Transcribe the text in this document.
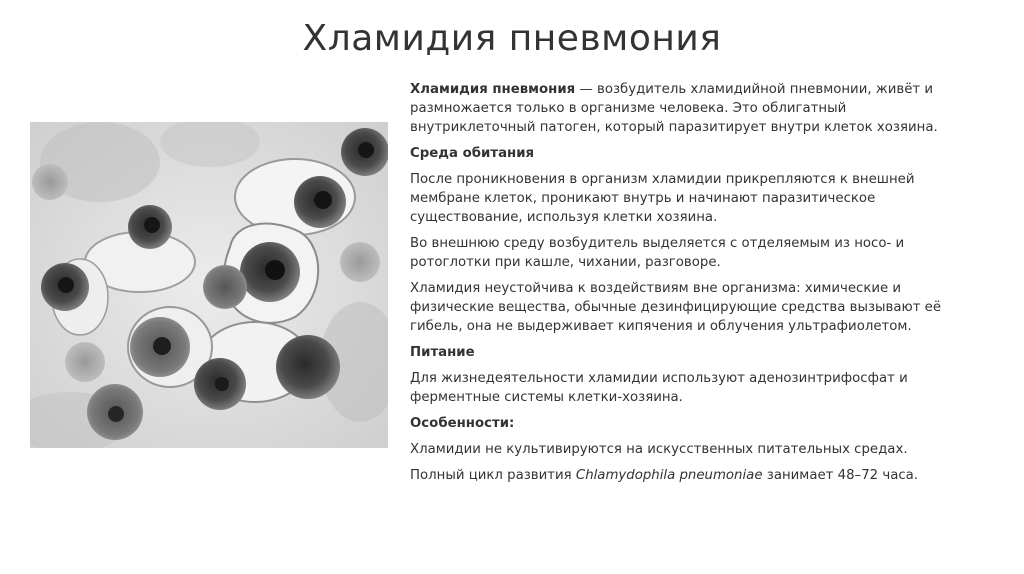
Хламидия пневмония

Хламидия пневмония — возбудитель хламидийной пневмонии, живёт и размножается только в организме человека. Это облигатный внутриклеточный патоген, который паразитирует внутри клеток хозяина.

Среда обитания

После проникновения в организм хламидии прикрепляются к внешней мембране клеток, проникают внутрь и начинают паразитическое существование, используя клетки хозяина.

Во внешнюю среду возбудитель выделяется с отделяемым из носо- и ротоглотки при кашле, чихании, разговоре.

Хламидия неустойчива к воздействиям вне организма: химические и физические вещества, обычные дезинфицирующие средства вызывают её гибель, она не выдерживает кипячения и облучения ультрафиолетом.

Питание

Для жизнедеятельности хламидии используют аденозинтрифосфат и ферментные системы клетки-хозяина.

Особенности:

Хламидии не культивируются на искусственных питательных средах.

Полный цикл развития Chlamydophila pneumoniae занимает 48–72 часа.
